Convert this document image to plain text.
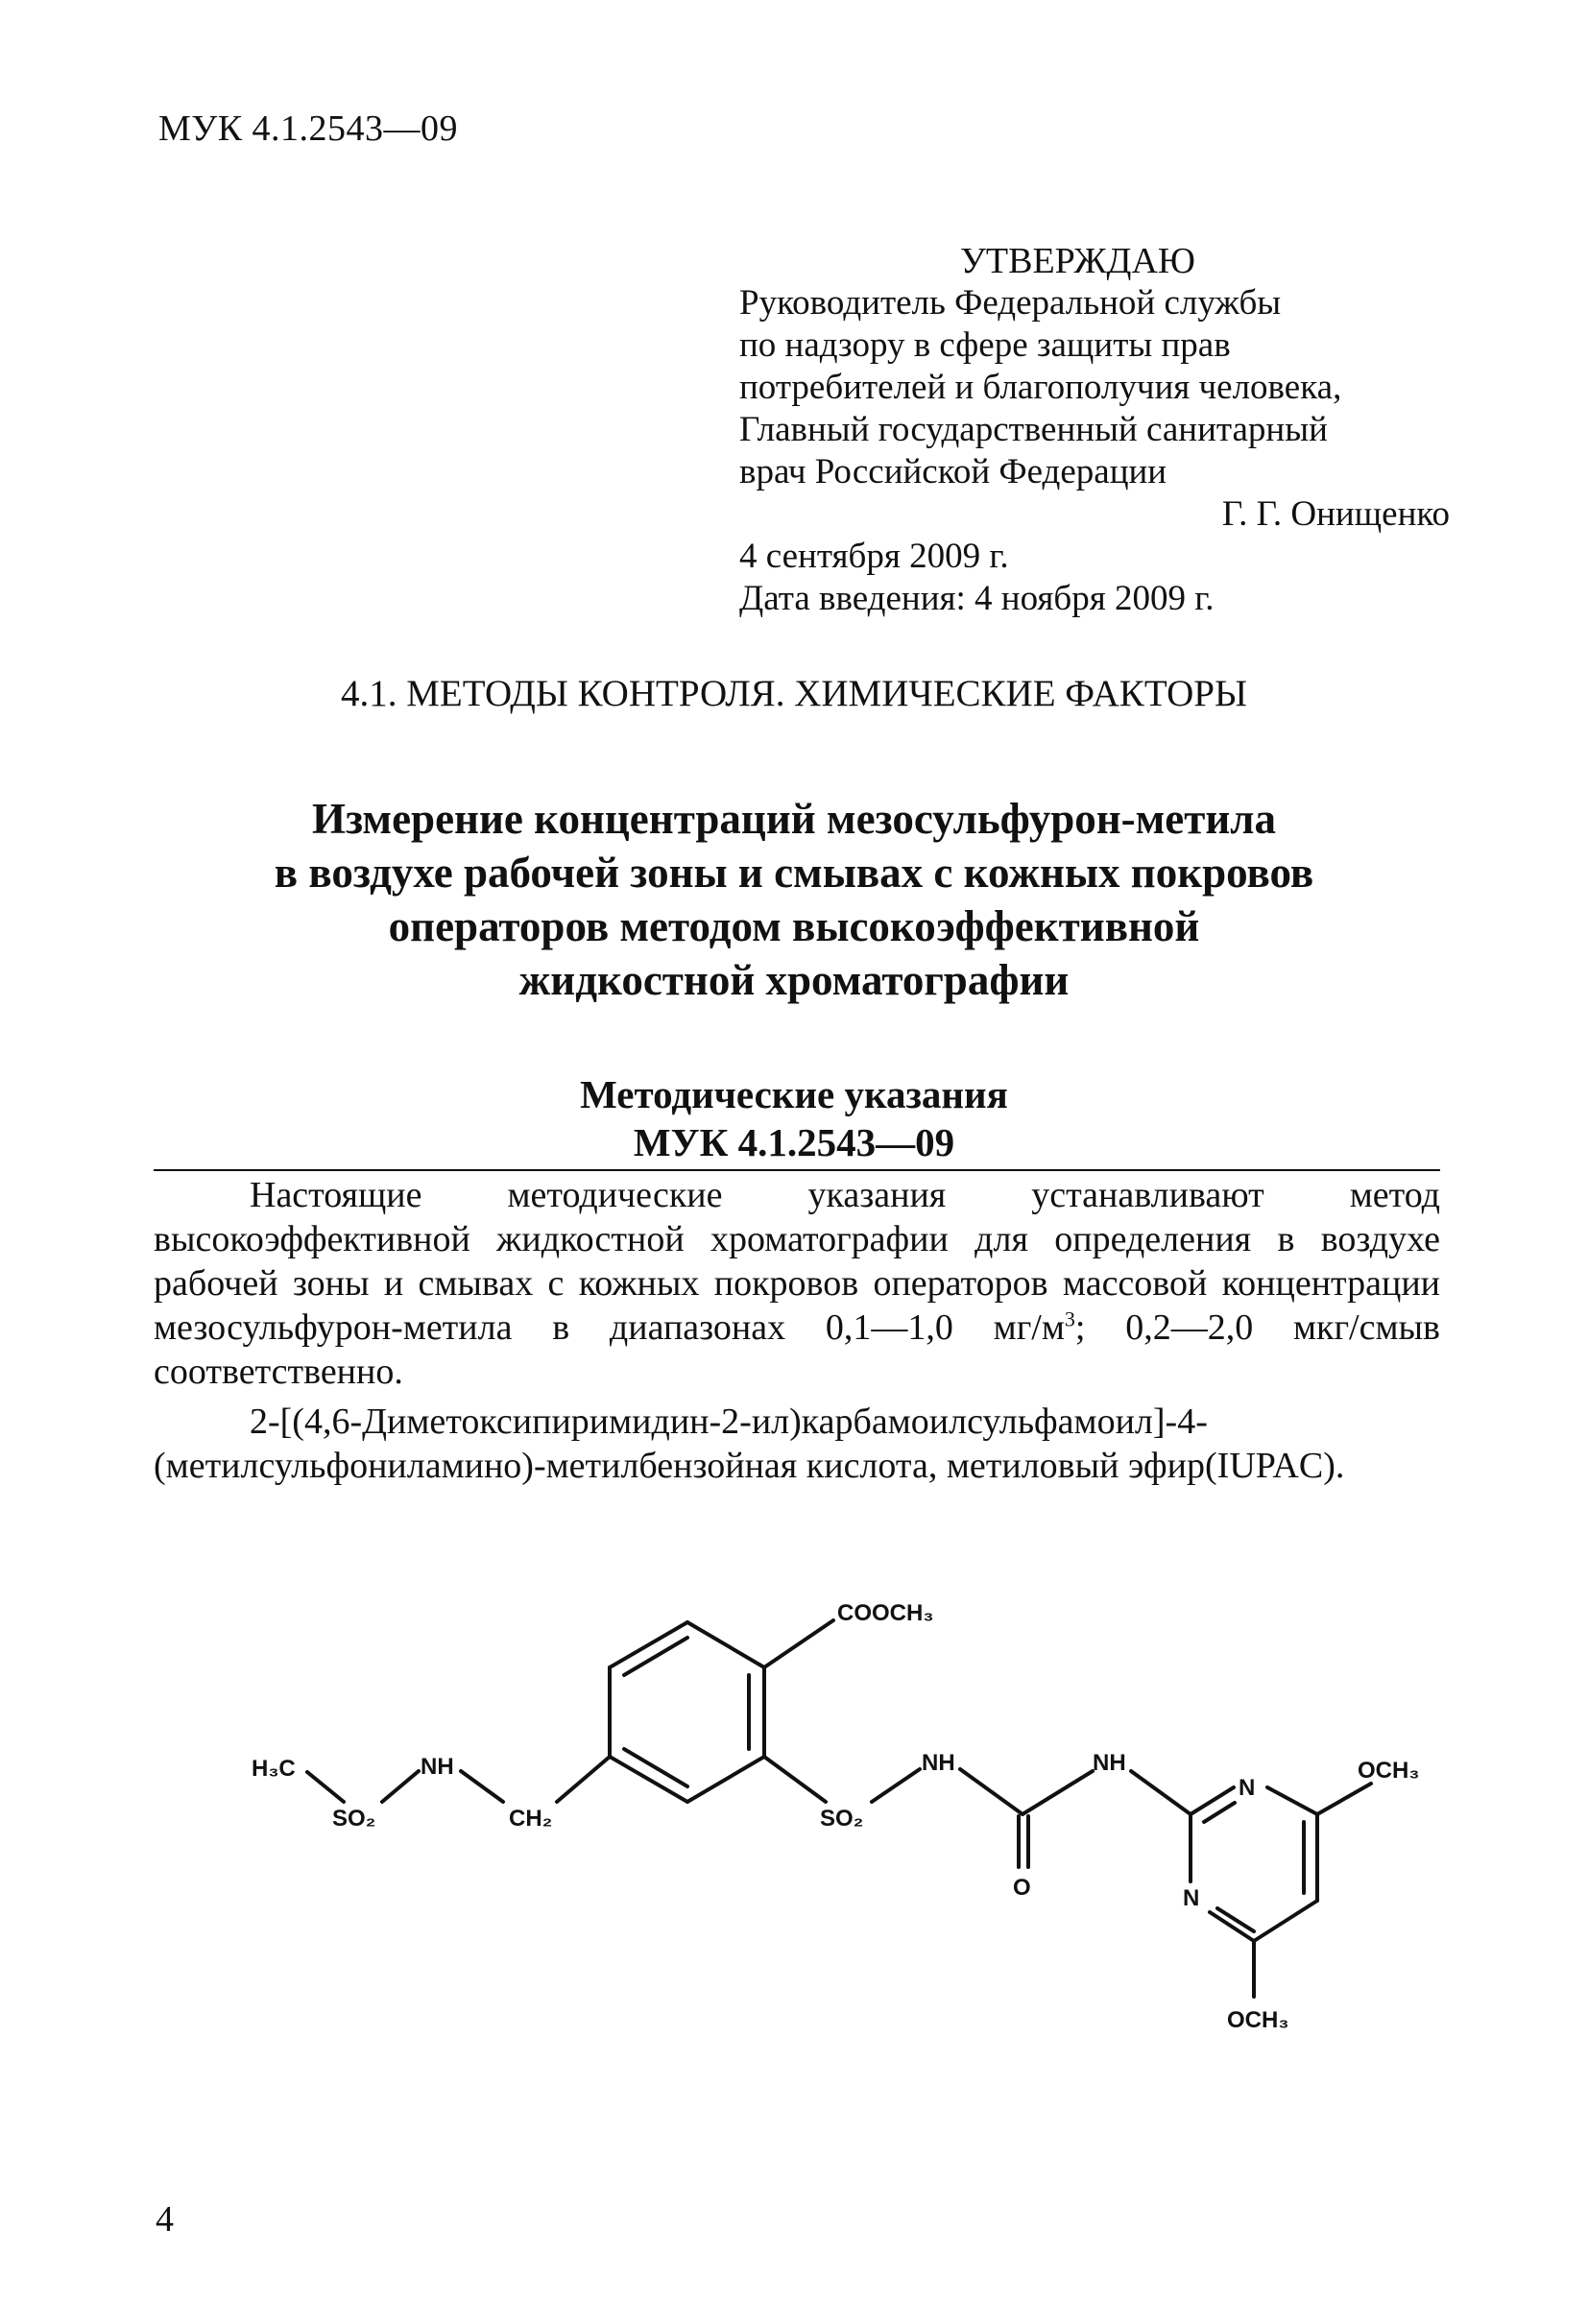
МУК 4.1.2543—09
УТВЕРЖДАЮ
Руководитель Федеральной службы
по надзору в сфере защиты прав
потребителей и благополучия человека,
Главный государственный санитарный
врач Российской Федерации
Г. Г. Онищенко
4 сентября 2009 г.
Дата введения: 4 ноября 2009 г.
4.1. МЕТОДЫ КОНТРОЛЯ. ХИМИЧЕСКИЕ ФАКТОРЫ
Измерение концентраций мезосульфурон-метила
в воздухе рабочей зоны и смывах с кожных покровов
операторов методом высокоэффективной
жидкостной хроматографии
Методические указания
МУК 4.1.2543—09

Настоящие методические указания устанавливают метод высокоэффективной жидкостной хроматографии для определения в воздухе рабочей зоны и смывах с кожных покровов операторов массовой концентрации мезосульфурон-метила в диапазонах 0,1—1,0 $мг/м^3$; 0,2—2,0 мкг/смыв соответственно.

2-[(4,6-Диметоксипиримидин-2-ил)карбамоилсульфамоил]-4-(метилсульфониламино)-метилбензойная кислота, метиловый эфир(IUPAC).

COOCH₃
H₃C
SO₂
NH
CH₂	SO₂
NH
O
NH
N
N
OCH₃
OCH₃
4
